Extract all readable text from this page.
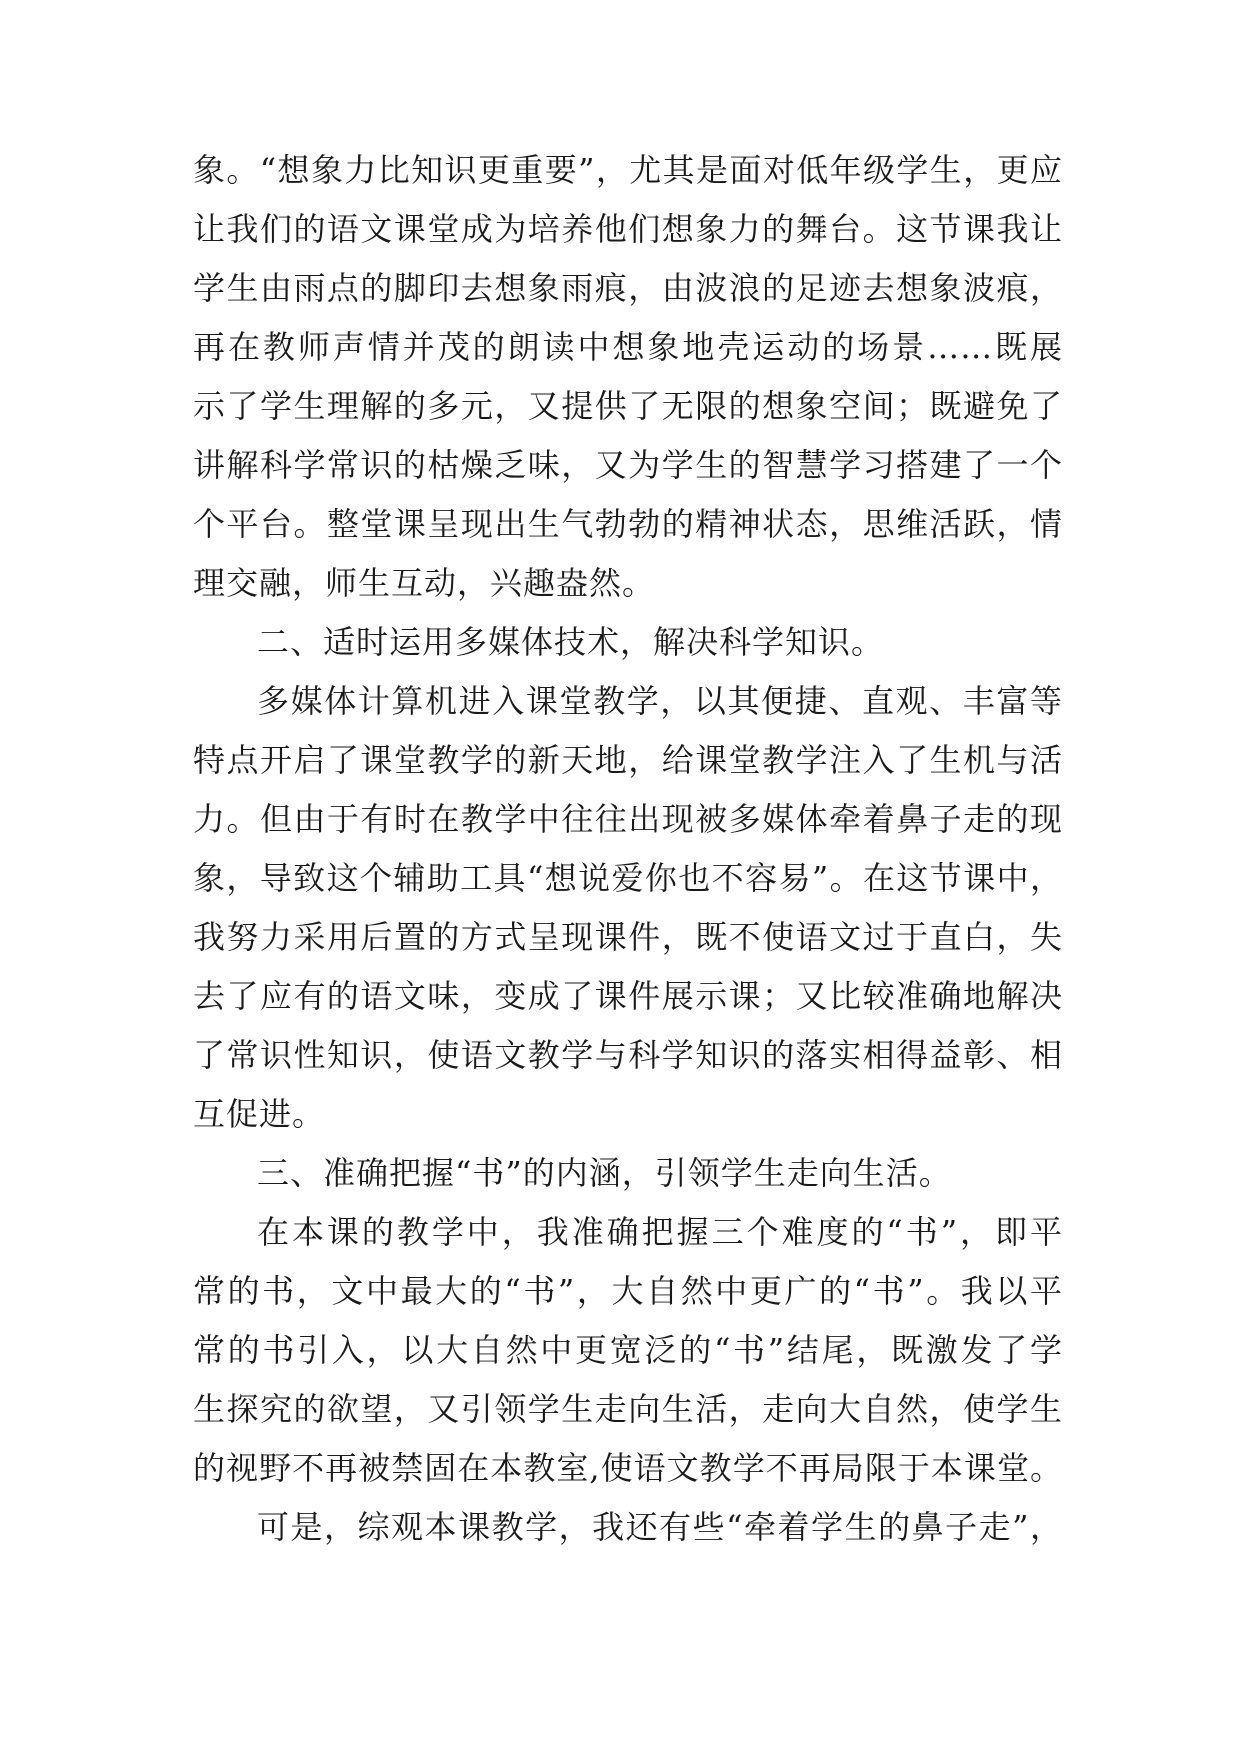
象。“想象力比知识更重要”，尤其是面对低年级学生，更应
让我们的语文课堂成为培养他们想象力的舞台。这节课我让
学生由雨点的脚印去想象雨痕，由波浪的足迹去想象波痕，
再在教师声情并茂的朗读中想象地壳运动的场景……既展
示了学生理解的多元，又提供了无限的想象空间；既避免了
讲解科学常识的枯燥乏味，又为学生的智慧学习搭建了一个
个平台。整堂课呈现出生气勃勃的精神状态，思维活跃，情
理交融，师生互动，兴趣盎然。
二、适时运用多媒体技术，解决科学知识。
多媒体计算机进入课堂教学，以其便捷、直观、丰富等
特点开启了课堂教学的新天地，给课堂教学注入了生机与活
力。但由于有时在教学中往往出现被多媒体牵着鼻子走的现
象，导致这个辅助工具“想说爱你也不容易”。在这节课中，
我努力采用后置的方式呈现课件，既不使语文过于直白，失
去了应有的语文味，变成了课件展示课；又比较准确地解决
了常识性知识，使语文教学与科学知识的落实相得益彰、相
互促进。
三、准确把握“书”的内涵，引领学生走向生活。
在本课的教学中，我准确把握三个难度的“书”，即平
常的书，文中最大的“书”，大自然中更广的“书”。我以平
常的书引入，以大自然中更宽泛的“书”结尾，既激发了学
生探究的欲望，又引领学生走向生活，走向大自然，使学生
的视野不再被禁固在本教室,使语文教学不再局限于本课堂。
可是，综观本课教学，我还有些“牵着学生的鼻子走”，
